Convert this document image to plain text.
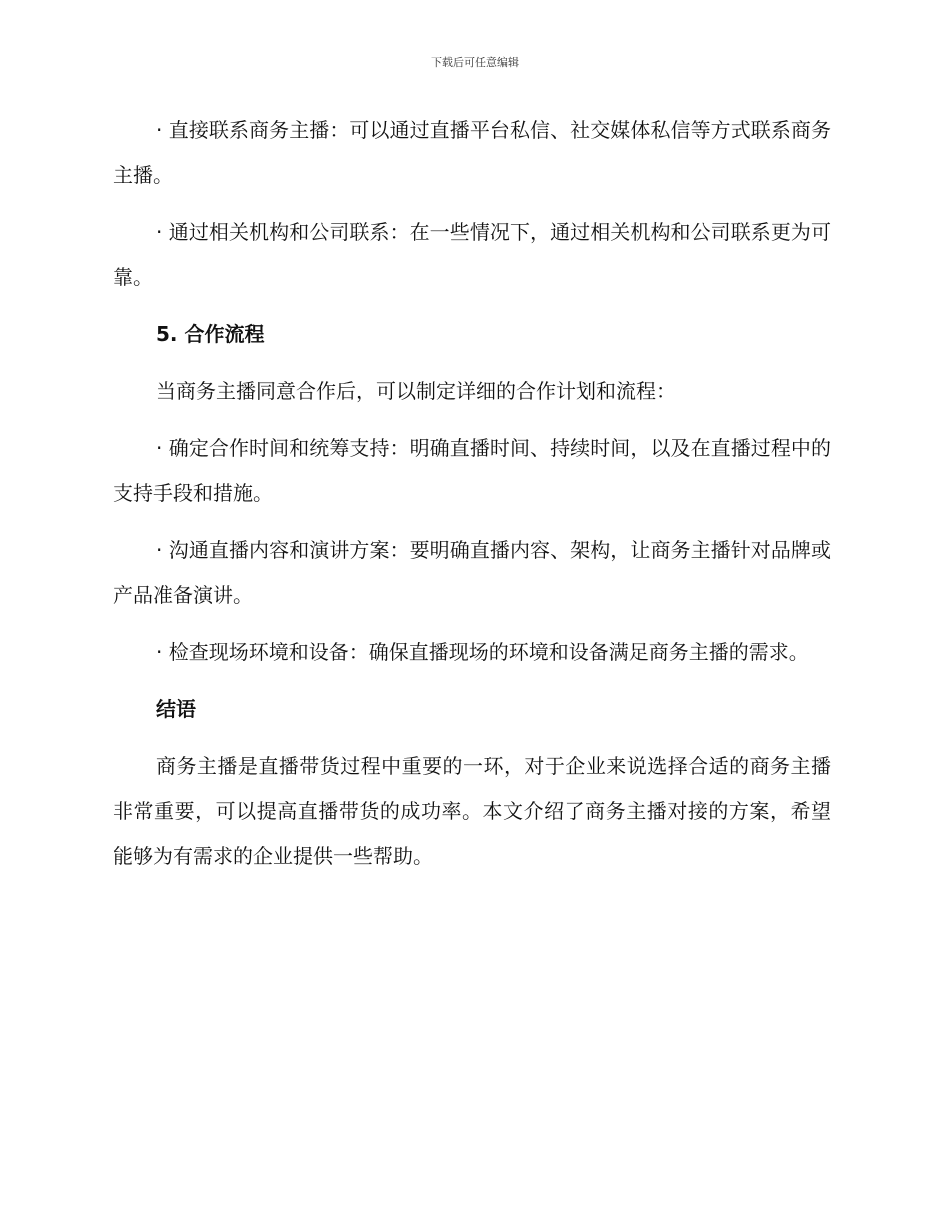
下载后可任意编辑

· 直接联系商务主播：可以通过直播平台私信、社交媒体私信等方式联系商务主播。

· 通过相关机构和公司联系：在一些情况下，通过相关机构和公司联系更为可靠。

5. 合作流程

当商务主播同意合作后，可以制定详细的合作计划和流程：

· 确定合作时间和统筹支持：明确直播时间、持续时间，以及在直播过程中的支持手段和措施。

· 沟通直播内容和演讲方案：要明确直播内容、架构，让商务主播针对品牌或产品准备演讲。

· 检查现场环境和设备：确保直播现场的环境和设备满足商务主播的需求。

结语

商务主播是直播带货过程中重要的一环，对于企业来说选择合适的商务主播非常重要，可以提高直播带货的成功率。本文介绍了商务主播对接的方案，希望能够为有需求的企业提供一些帮助。
